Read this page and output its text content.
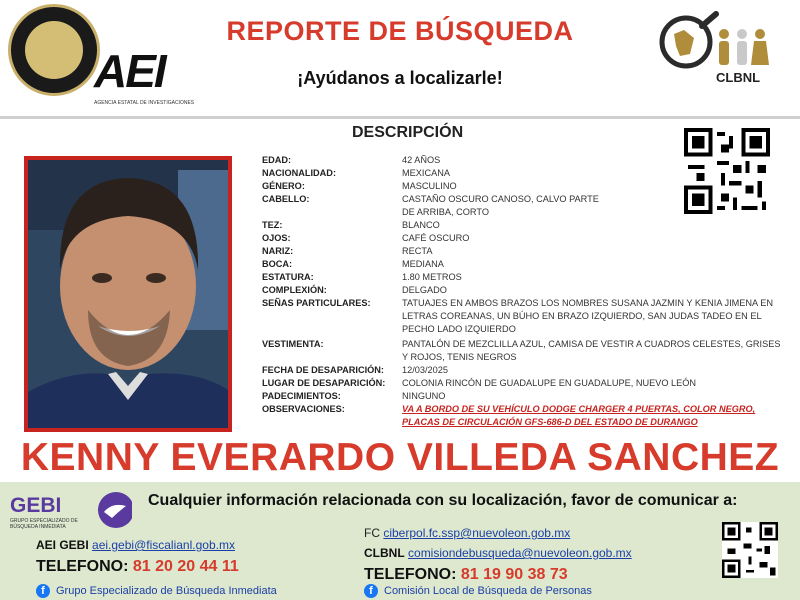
AEI
AGENCIA ESTATAL DE INVESTIGACIONES
REPORTE DE BÚSQUEDA
¡Ayúdanos a localizarle!	CLBNL
DESCRIPCIÓN
EDAD:	42 AÑOS
NACIONALIDAD:	MEXICANA
GÉNERO:	MASCULINO
CABELLO:	CASTAÑO OSCURO CANOSO, CALVO PARTE DE ARRIBA, CORTO
TEZ:	BLANCO
OJOS:	CAFÉ OSCURO
NARIZ:	RECTA
BOCA:	MEDIANA
ESTATURA:	1.80 METROS
COMPLEXIÓN:	DELGADO
SEÑAS PARTICULARES:	TATUAJES EN AMBOS BRAZOS LOS NOMBRES SUSANA JAZMIN Y KENIA JIMENA EN LETRAS COREANAS, UN BÚHO EN BRAZO IZQUIERDO, SAN JUDAS TADEO EN EL PECHO LADO IZQUIERDO
VESTIMENTA:	PANTALÓN DE MEZCLILLA AZUL, CAMISA DE VESTIR A CUADROS CELESTES, GRISES Y ROJOS, TENIS NEGROS
FECHA DE DESAPARICIÓN:	12/03/2025
LUGAR DE DESAPARICIÓN:	COLONIA RINCÓN DE GUADALUPE EN GUADALUPE, NUEVO LEÓN
PADECIMIENTOS:	NINGUNO
OBSERVACIONES:	VA A BORDO DE SU VEHÍCULO DODGE CHARGER 4 PUERTAS, COLOR NEGRO, PLACAS DE CIRCULACIÓN GFS-686-D DEL ESTADO DE DURANGO
KENNY EVERARDO VILLEDA SANCHEZ
GEBI
GRUPO ESPECIALIZADO DE BÚSQUEDA INMEDIATA
Cualquier información relacionada con su localización, favor de comunicar a:
AEI GEBI aei.gebi@fiscalianl.gob.mx
TELEFONO: 81 20 20 44 11
f Grupo Especializado de Búsqueda Inmediata
FC ciberpol.fc.ssp@nuevoleon.gob.mx
CLBNL comisiondebusqueda@nuevoleon.gob.mx
TELEFONO: 81 19 90 38 73
f Comisión Local de Búsqueda de Personas
